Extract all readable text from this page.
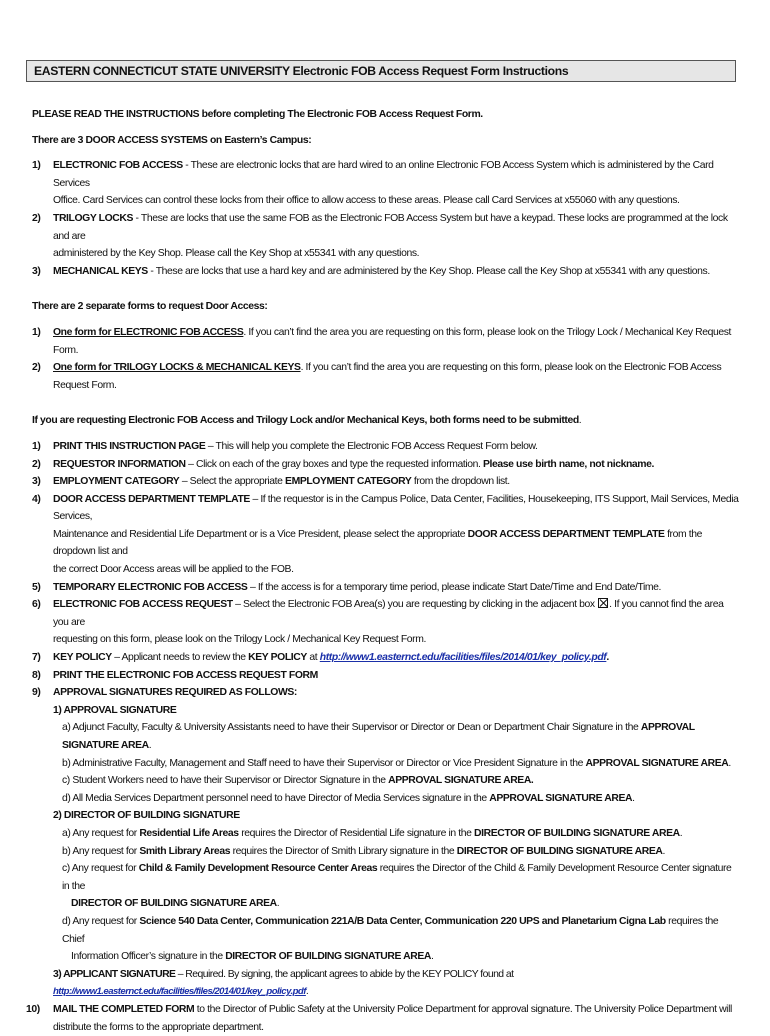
EASTERN CONNECTICUT STATE UNIVERSITY Electronic FOB Access Request Form Instructions

PLEASE READ THE INSTRUCTIONS before completing The Electronic FOB Access Request Form.

There are 3 DOOR ACCESS SYSTEMS on Eastern’s Campus:

1) ELECTRONIC FOB ACCESS - These are electronic locks that are hard wired to an online Electronic FOB Access System which is administered by the Card Services
Office. Card Services can control these locks from their office to allow access to these areas. Please call Card Services at x55060 with any questions.
2) TRILOGY LOCKS - These are locks that use the same FOB as the Electronic FOB Access System but have a keypad. These locks are programmed at the lock and are
administered by the Key Shop. Please call the Key Shop at x55341 with any questions.
3) MECHANICAL KEYS - These are locks that use a hard key and are administered by the Key Shop. Please call the Key Shop at x55341 with any questions.

There are 2 separate forms to request Door Access:

1) One form for ELECTRONIC FOB ACCESS. If you can’t find the area you are requesting on this form, please look on the Trilogy Lock / Mechanical Key Request Form.
2) One form for TRILOGY LOCKS & MECHANICAL KEYS. If you can’t find the area you are requesting on this form, please look on the Electronic FOB Access Request Form.

If you are requesting Electronic FOB Access and Trilogy Lock and/or Mechanical Keys, both forms need to be submitted.

1) PRINT THIS INSTRUCTION PAGE – This will help you complete the Electronic FOB Access Request Form below.
2) REQUESTOR INFORMATION – Click on each of the gray boxes and type the requested information. Please use birth name, not nickname.
3) EMPLOYMENT CATEGORY – Select the appropriate EMPLOYMENT CATEGORY from the dropdown list.
4) DOOR ACCESS DEPARTMENT TEMPLATE – If the requestor is in the Campus Police, Data Center, Facilities, Housekeeping, ITS Support, Mail Services, Media Services,
Maintenance and Residential Life Department or is a Vice President, please select the appropriate DOOR ACCESS DEPARTMENT TEMPLATE from the dropdown list and
the correct Door Access areas will be applied to the FOB.
5) TEMPORARY ELECTRONIC FOB ACCESS – If the access is for a temporary time period, please indicate Start Date/Time and End Date/Time.
6) ELECTRONIC FOB ACCESS REQUEST – Select the Electronic FOB Area(s) you are requesting by clicking in the adjacent box . If you cannot find the area you are
requesting on this form, please look on the Trilogy Lock / Mechanical Key Request Form.
7) KEY POLICY – Applicant needs to review the KEY POLICY at http://www1.easternct.edu/facilities/files/2014/01/key_policy.pdf.
8) PRINT THE ELECTRONIC FOB ACCESS REQUEST FORM
9) APPROVAL SIGNATURES REQUIRED AS FOLLOWS:
1) APPROVAL SIGNATURE
a) Adjunct Faculty, Faculty & University Assistants need to have their Supervisor or Director or Dean or Department Chair Signature in the APPROVAL SIGNATURE AREA.
b) Administrative Faculty, Management and Staff need to have their Supervisor or Director or Vice President Signature in the APPROVAL SIGNATURE AREA.
c) Student Workers need to have their Supervisor or Director Signature in the APPROVAL SIGNATURE AREA.
d) All Media Services Department personnel need to have Director of Media Services signature in the APPROVAL SIGNATURE AREA.
2) DIRECTOR OF BUILDING SIGNATURE
a) Any request for Residential Life Areas requires the Director of Residential Life signature in the DIRECTOR OF BUILDING SIGNATURE AREA.
b) Any request for Smith Library Areas requires the Director of Smith Library signature in the DIRECTOR OF BUILDING SIGNATURE AREA.
c) Any request for Child & Family Development Resource Center Areas requires the Director of the Child & Family Development Resource Center signature in the
DIRECTOR OF BUILDING SIGNATURE AREA.
d) Any request for Science 540 Data Center, Communication 221A/B Data Center, Communication 220 UPS and Planetarium Cigna Lab requires the Chief
Information Officer’s signature in the DIRECTOR OF BUILDING SIGNATURE AREA.
3) APPLICANT SIGNATURE – Required. By signing, the applicant agrees to abide by the KEY POLICY found at http://www1.easternct.edu/facilities/files/2014/01/key_policy.pdf.
10) MAIL THE COMPLETED FORM to the Director of Public Safety at the University Police Department for approval signature. The University Police Department will
distribute the forms to the appropriate department.
